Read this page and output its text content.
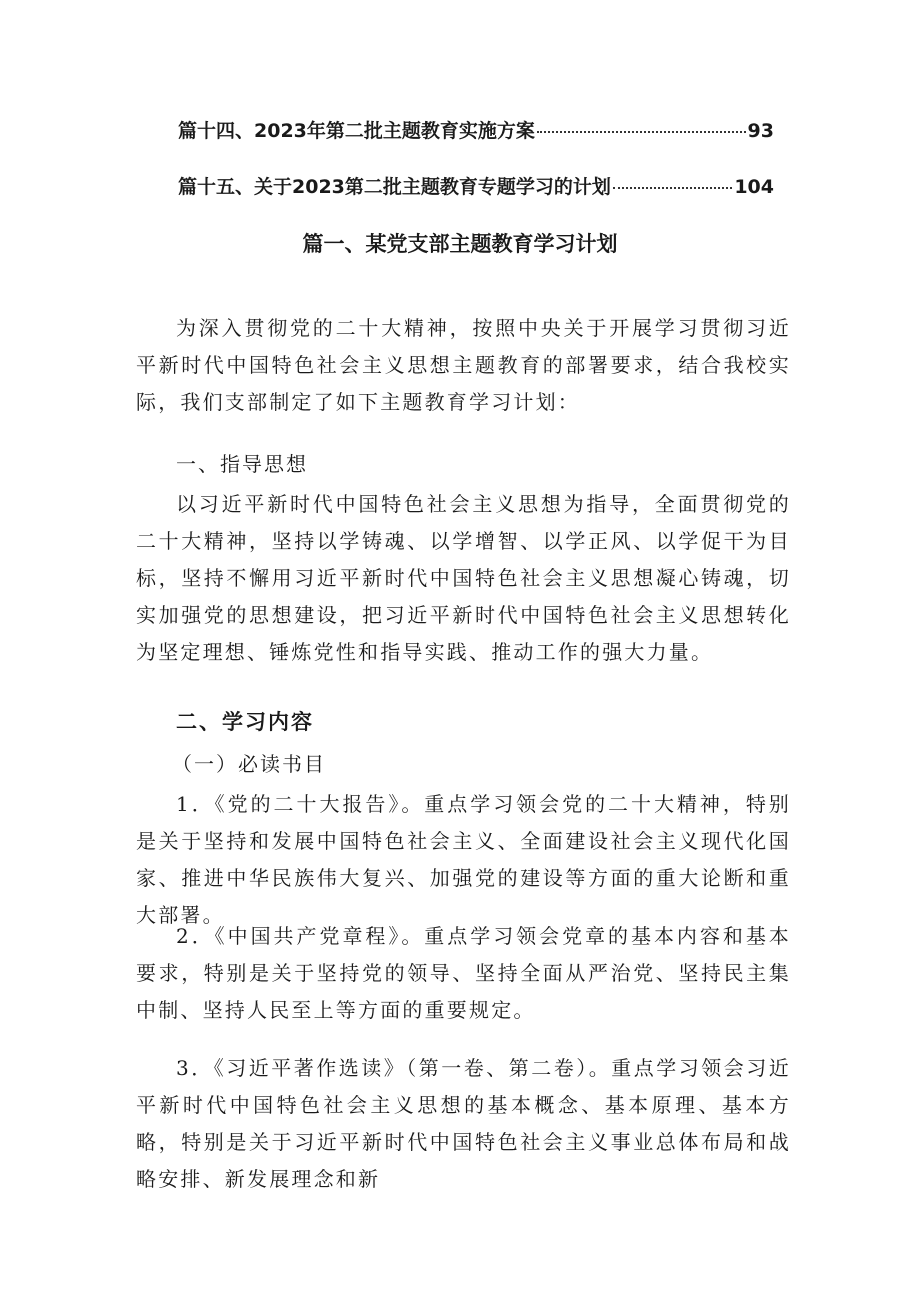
篇十四、2023年第二批主题教育实施方案	93
篇十五、关于2023第二批主题教育专题学习的计划	104
篇一、某党支部主题教育学习计划
为深入贯彻党的二十大精神，按照中央关于开展学习贯彻习近平新时代中国特色社会主义思想主题教育的部署要求，结合我校实际，我们支部制定了如下主题教育学习计划：
一、指导思想
以习近平新时代中国特色社会主义思想为指导，全面贯彻党的二十大精神，坚持以学铸魂、以学增智、以学正风、以学促干为目标，坚持不懈用习近平新时代中国特色社会主义思想凝心铸魂，切实加强党的思想建设，把习近平新时代中国特色社会主义思想转化为坚定理想、锤炼党性和指导实践、推动工作的强大力量。
二、学习内容
（一）必读书目
1．《党的二十大报告》。重点学习领会党的二十大精神，特别是关于坚持和发展中国特色社会主义、全面建设社会主义现代化国家、推进中华民族伟大复兴、加强党的建设等方面的重大论断和重大部署。
2．《中国共产党章程》。重点学习领会党章的基本内容和基本要求，特别是关于坚持党的领导、坚持全面从严治党、坚持民主集中制、坚持人民至上等方面的重要规定。
3．《习近平著作选读》（第一卷、第二卷）。重点学习领会习近平新时代中国特色社会主义思想的基本概念、基本原理、基本方略，特别是关于习近平新时代中国特色社会主义事业总体布局和战略安排、新发展理念和新
